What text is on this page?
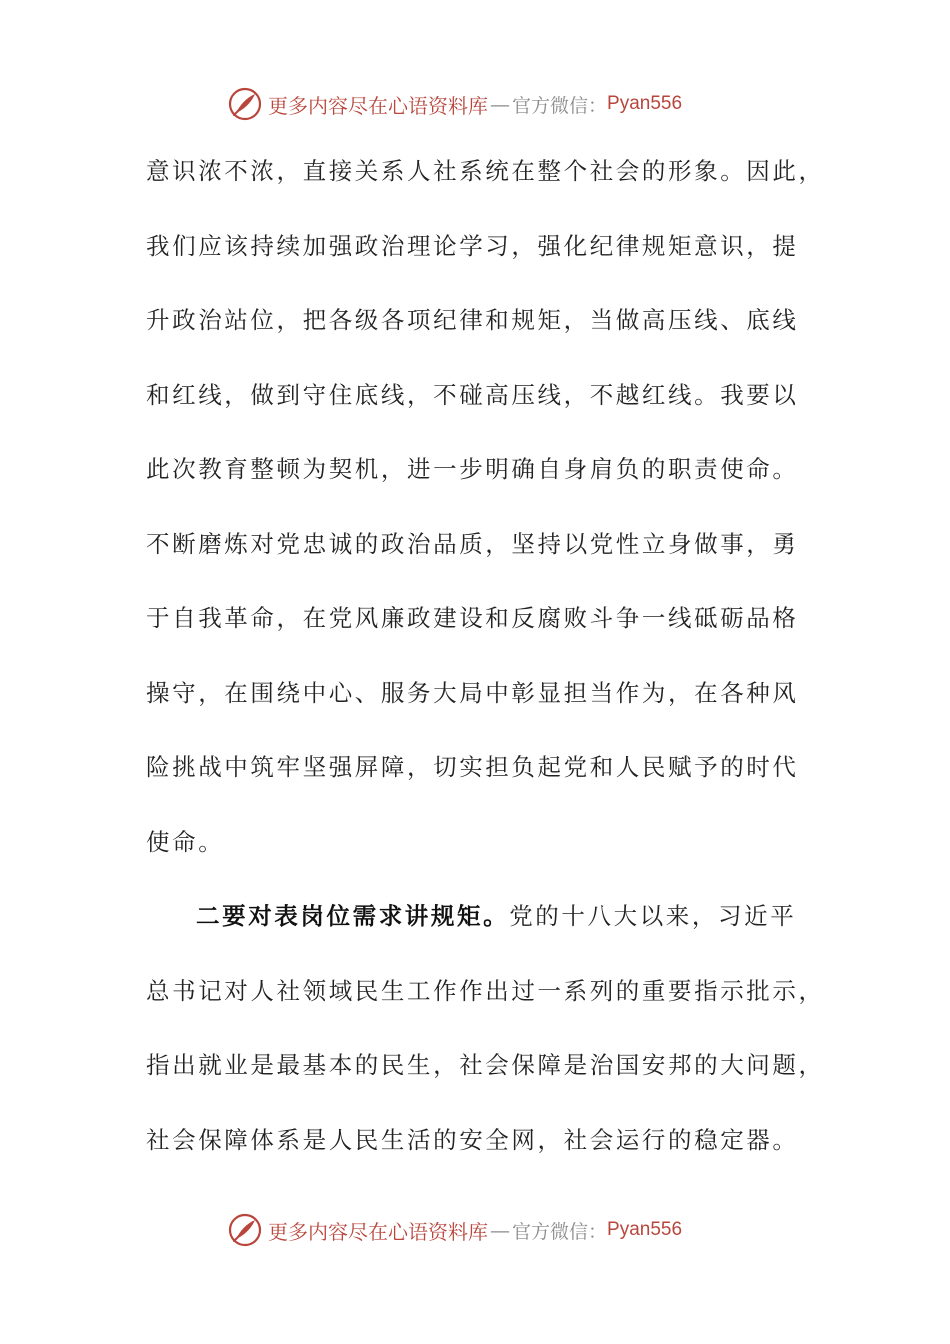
更多内容尽在心语资料库 — 官方微信： Pyan556
意识浓不浓，直接关系人社系统在整个社会的形象。因此，
我们应该持续加强政治理论学习，强化纪律规矩意识，提
升政治站位，把各级各项纪律和规矩，当做高压线、底线
和红线，做到守住底线，不碰高压线，不越红线。我要以
此次教育整顿为契机，进一步明确自身肩负的职责使命。
不断磨炼对党忠诚的政治品质，坚持以党性立身做事，勇
于自我革命，在党风廉政建设和反腐败斗争一线砥砺品格
操守，在围绕中心、服务大局中彰显担当作为，在各种风
险挑战中筑牢坚强屏障，切实担负起党和人民赋予的时代
使命。
二要对表岗位需求讲规矩。党的十八大以来，习近平
总书记对人社领域民生工作作出过一系列的重要指示批示，
指出就业是最基本的民生，社会保障是治国安邦的大问题，
社会保障体系是人民生活的安全网，社会运行的稳定器。
更多内容尽在心语资料库 — 官方微信： Pyan556
